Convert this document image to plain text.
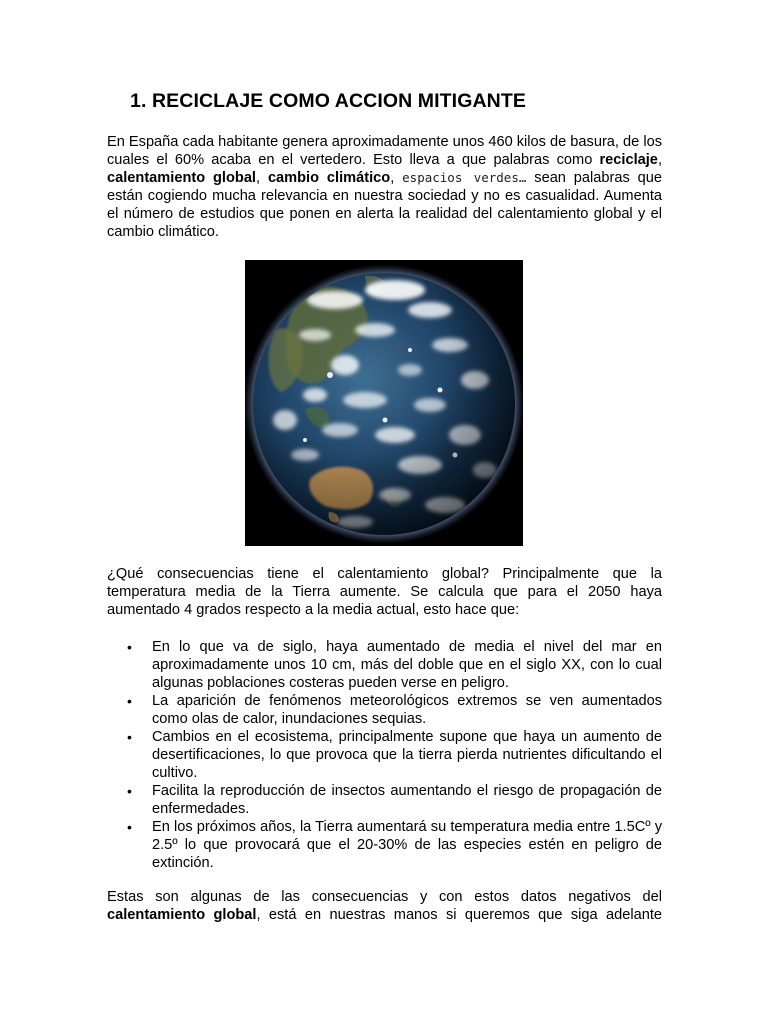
1. RECICLAJE COMO ACCION MITIGANTE

En España cada habitante genera aproximadamente unos 460 kilos de basura, de los cuales el 60% acaba en el vertedero. Esto lleva a que palabras como reciclaje, calentamiento global, cambio climático, espacios verdes… sean palabras que están cogiendo mucha relevancia en nuestra sociedad y no es casualidad. Aumenta el número de estudios que ponen en alerta la realidad del calentamiento global y el cambio climático.

¿Qué consecuencias tiene el calentamiento global? Principalmente que la temperatura media de la Tierra aumente. Se calcula que para el 2050 haya aumentado 4 grados respecto a la media actual, esto hace que:

• En lo que va de siglo, haya aumentado de media el nivel del mar en aproximadamente unos 10 cm, más del doble que en el siglo XX, con lo cual algunas poblaciones costeras pueden verse en peligro.
• La aparición de fenómenos meteorológicos extremos se ven aumentados como olas de calor, inundaciones sequias.
• Cambios en el ecosistema, principalmente supone que haya un aumento de desertificaciones, lo que provoca que la tierra pierda nutrientes dificultando el cultivo.
• Facilita la reproducción de insectos aumentando el riesgo de propagación de enfermedades.
• En los próximos años, la Tierra aumentará su temperatura media entre 1.5Cº y 2.5º lo que provocará que el 20-30% de las especies estén en peligro de extinción.

Estas son algunas de las consecuencias y con estos datos negativos del calentamiento global, está en nuestras manos si queremos que siga adelante
